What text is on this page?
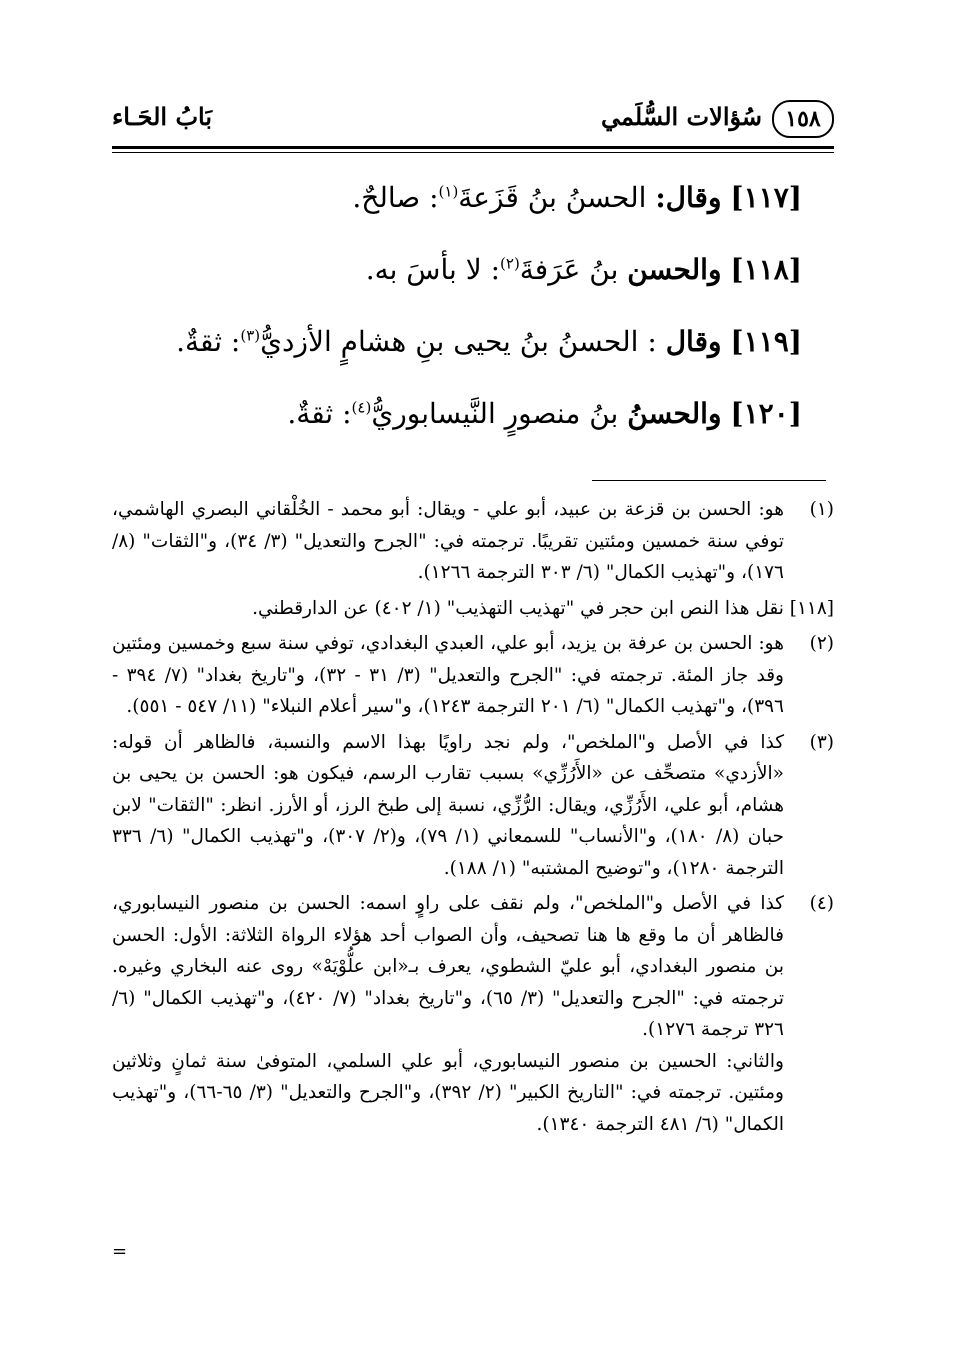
١٥٨
سُؤالات السُّلَمي
بَابُ الحَـاء
[١١٧] وقال: الحسنُ بنُ قَزَعةَ$^{(١)}$: صالحٌ.
[١١٨] والحسن بنُ عَرَفةَ$^{(٢)}$: لا بأسَ به.
[١١٩] وقال : الحسنُ بنُ يحيى بنِ هشامٍ الأزديُّ$^{(٣)}$: ثقةٌ.
[١٢٠] والحسنُ بنُ منصورٍ النَّيسابوريُّ$^{(٤)}$: ثقةٌ.
(١)
هو: الحسن بن قزعة بن عبيد، أبو علي - ويقال: أبو محمد - الخُلْقاني البصري الهاشمي، توفي سنة خمسين ومئتين تقريبًا. ترجمته في: "الجرح والتعديل" (٣/ ٣٤)، و"الثقات" (٨/ ١٧٦)، و"تهذيب الكمال" (٦/ ٣٠٣ الترجمة ١٢٦٦).
[١١٨] نقل هذا النص ابن حجر في "تهذيب التهذيب" (١/ ٤٠٢) عن الدارقطني.
(٢)
هو: الحسن بن عرفة بن يزيد، أبو علي، العبدي البغدادي، توفي سنة سبع وخمسين ومئتين وقد جاز المئة. ترجمته في: "الجرح والتعديل" (٣/ ٣١ - ٣٢)، و"تاريخ بغداد" (٧/ ٣٩٤ - ٣٩٦)، و"تهذيب الكمال" (٦/ ٢٠١ الترجمة ١٢٤٣)، و"سير أعلام النبلاء" (١١/ ٥٤٧ - ٥٥١).
(٣)
كذا في الأصل و"الملخص"، ولم نجد راويًا بهذا الاسم والنسبة، فالظاهر أن قوله: «الأزدي» متصحِّف عن «الأَرُزِّي» بسبب تقارب الرسم، فيكون هو: الحسن بن يحيى بن هشام، أبو علي، الأَرُزِّي، ويقال: الرُّزِّي، نسبة إلى طبخ الرز، أو الأرز. انظر: "الثقات" لابن حبان (٨/ ١٨٠)، و"الأنساب" للسمعاني (١/ ٧٩)، و(٢/ ٣٠٧)، و"تهذيب الكمال" (٦/ ٣٣٦ الترجمة ١٢٨٠)، و"توضيح المشتبه" (١/ ١٨٨).
(٤)
كذا في الأصل و"الملخص"، ولم نقف على راوٍ اسمه: الحسن بن منصور النيسابوري، فالظاهر أن ما وقع ها هنا تصحيف، وأن الصواب أحد هؤلاء الرواة الثلاثة: الأول: الحسن بن منصور البغدادي، أبو عليّ الشطوي، يعرف بـ«ابن علُّوْيَهْ» روى عنه البخاري وغيره. ترجمته في: "الجرح والتعديل" (٣/ ٦٥)، و"تاريخ بغداد" (٧/ ٤٢٠)، و"تهذيب الكمال" (٦/ ٣٢٦ ترجمة ١٢٧٦).
والثاني: الحسين بن منصور النيسابوري، أبو علي السلمي، المتوفىٰ سنة ثمانٍ وثلاثين ومئتين. ترجمته في: "التاريخ الكبير" (٢/ ٣٩٢)، و"الجرح والتعديل" (٣/ ٦٥-٦٦)، و"تهذيب الكمال" (٦/ ٤٨١ الترجمة ١٣٤٠).
=
